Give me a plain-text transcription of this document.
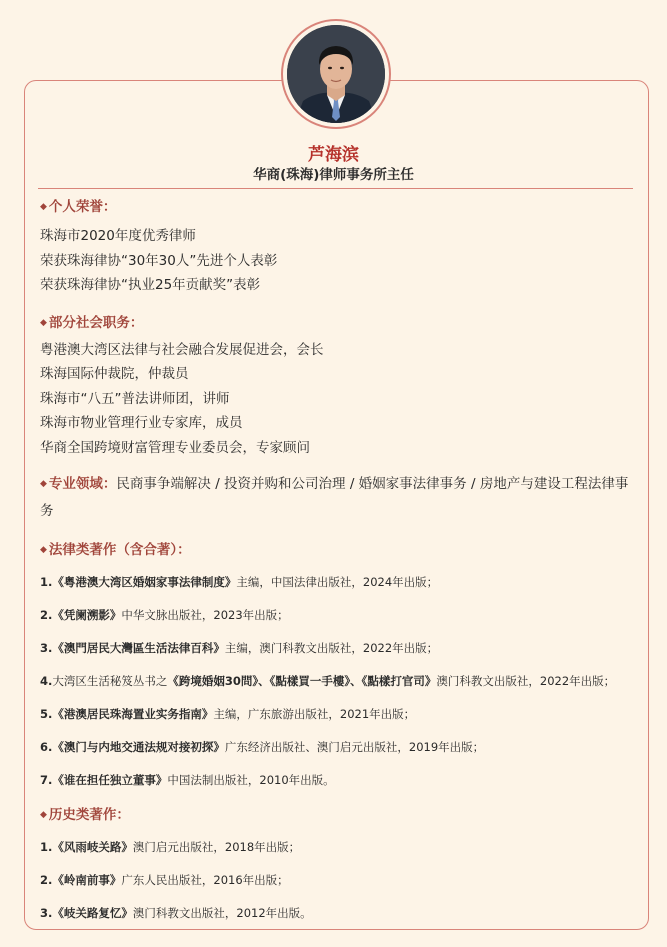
芦海滨
华商(珠海)律师事务所主任
◆ 个人荣誉：
珠海市2020年度优秀律师
荣获珠海律协“30年30人”先进个人表彰
荣获珠海律协“执业25年贡献奖”表彰
◆ 部分社会职务：
粤港澳大湾区法律与社会融合发展促进会，会长
珠海国际仲裁院，仲裁员
珠海市“八五”普法讲师团，讲师
珠海市物业管理行业专家库，成员
华商全国跨境财富管理专业委员会，专家顾问
◆ 专业领域：民商事争端解决 / 投资并购和公司治理 / 婚姻家事法律事务 / 房地产与建设工程法律事务
◆ 法律类著作（含合著）：
1.《粤港澳大湾区婚姻家事法律制度》主编，中国法律出版社，2024年出版；
2.《凭阑溯影》中华文脉出版社，2023年出版；
3.《澳門居民大灣區生活法律百科》主编，澳门科教文出版社，2022年出版；
4.大湾区生活秘笈丛书之《跨境婚姻30問》、《點樣買一手樓》、《點樣打官司》澳门科教文出版社，2022年出版；
5.《港澳居民珠海置业实务指南》主编，广东旅游出版社，2021年出版；
6.《澳门与内地交通法规对接初探》广东经济出版社、澳门启元出版社，2019年出版；
7.《谁在担任独立董事》中国法制出版社，2010年出版。
◆ 历史类著作：
1.《风雨岐关路》澳门启元出版社，2018年出版；
2.《岭南前事》广东人民出版社，2016年出版；
3.《岐关路复忆》澳门科教文出版社，2012年出版。
